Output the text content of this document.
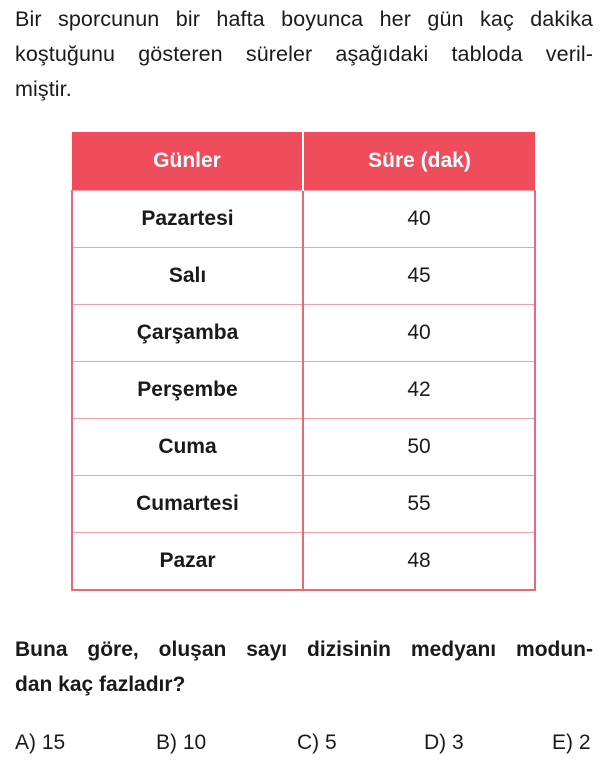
Bir sporcunun bir hafta boyunca her gün kaç dakika
koştuğunu gösteren süreler aşağıdaki tabloda veril-
miştir.
Günler	Süre (dak)
Pazartesi	40
Salı	45
Çarşamba	40
Perşembe	42
Cuma	50
Cumartesi	55
Pazar	48
Buna göre, oluşan sayı dizisinin medyanı modun-
dan kaç fazladır?
A) 15	B) 10	C) 5	D) 3	E) 2
